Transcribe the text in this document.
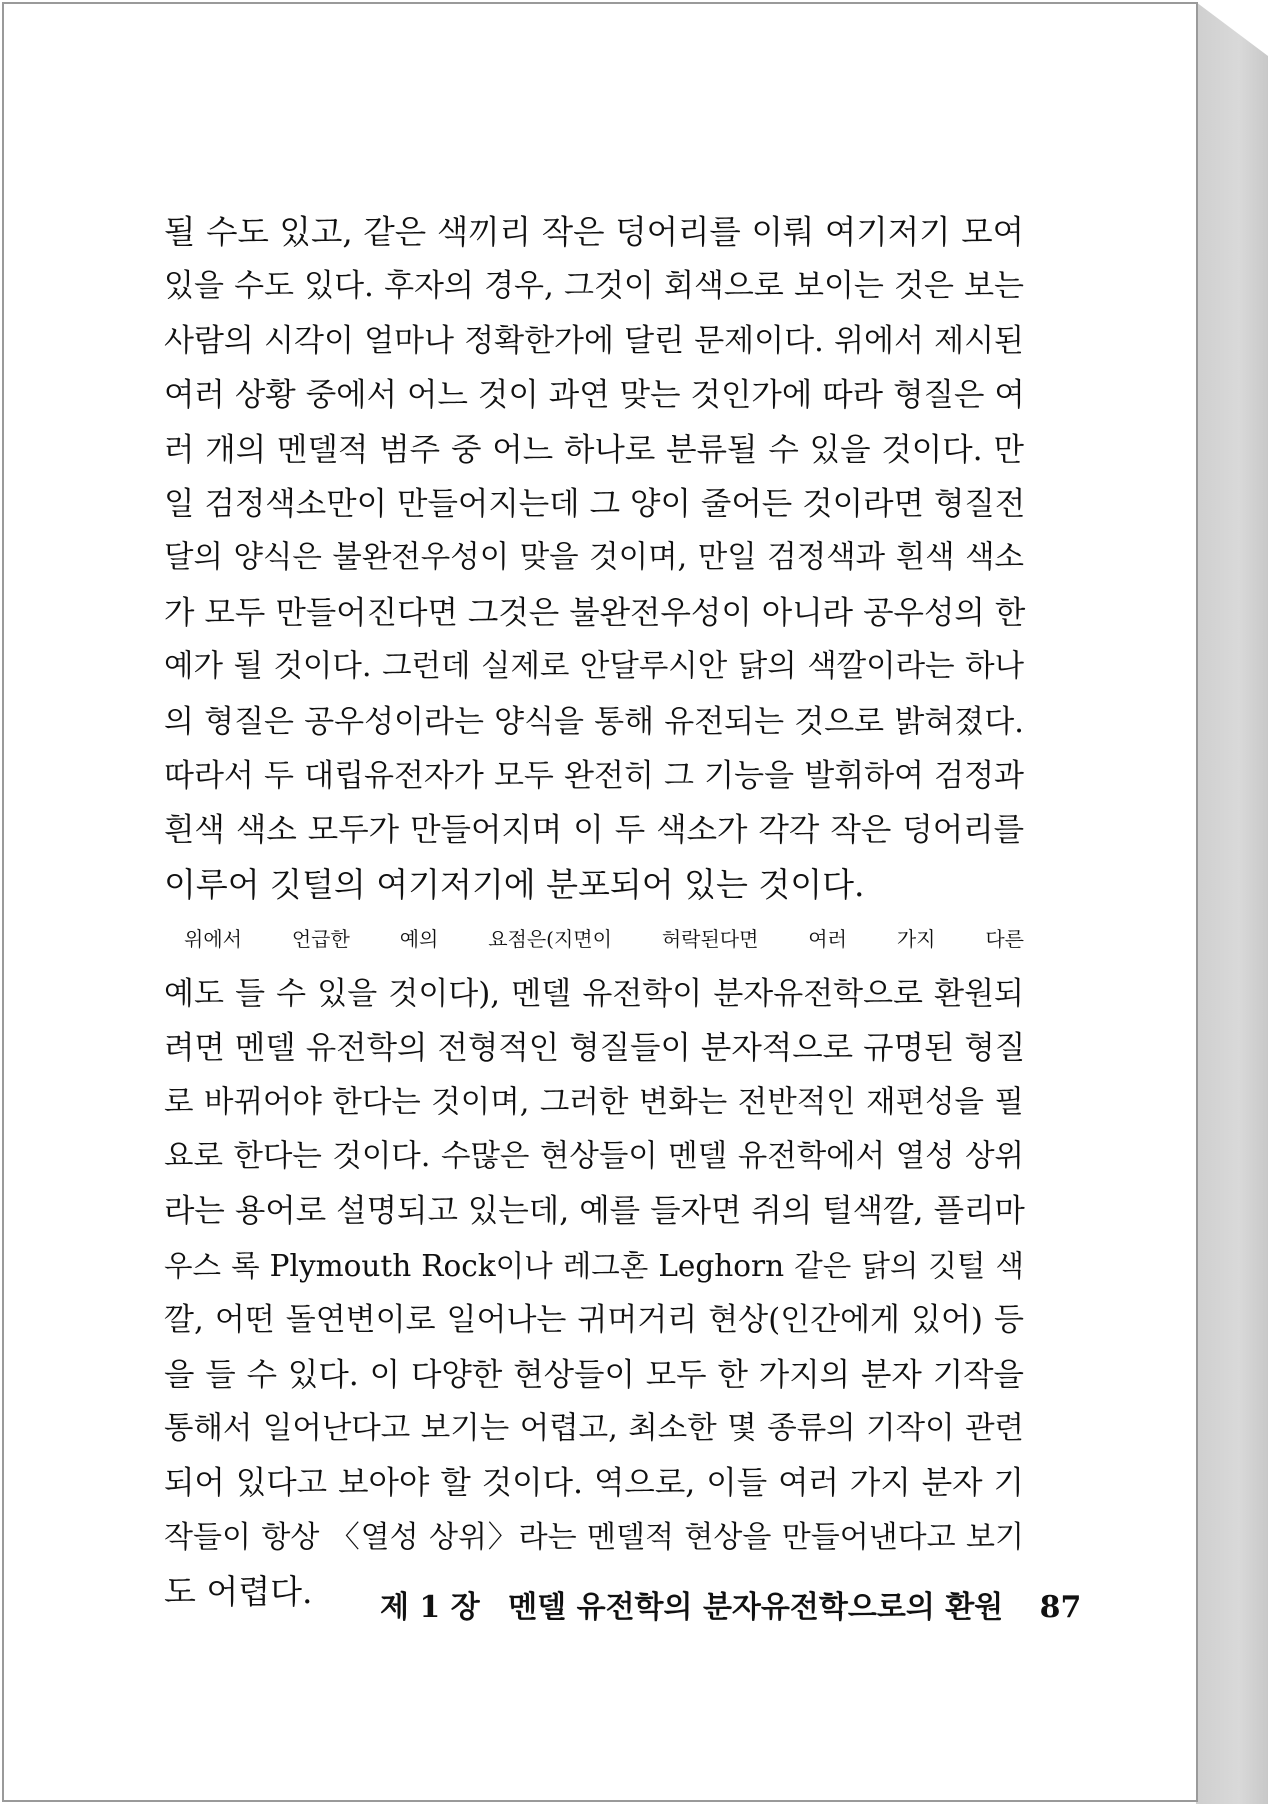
될 수도 있고, 같은 색끼리 작은 덩어리를 이뤄 여기저기 모여
있을 수도 있다. 후자의 경우, 그것이 회색으로 보이는 것은 보는
사람의 시각이 얼마나 정확한가에 달린 문제이다. 위에서 제시된
여러 상황 중에서 어느 것이 과연 맞는 것인가에 따라 형질은 여
러 개의 멘델적 범주 중 어느 하나로 분류될 수 있을 것이다. 만
일 검정색소만이 만들어지는데 그 양이 줄어든 것이라면 형질전
달의 양식은 불완전우성이 맞을 것이며, 만일 검정색과 흰색 색소
가 모두 만들어진다면 그것은 불완전우성이 아니라 공우성의 한
예가 될 것이다. 그런데 실제로 안달루시안 닭의 색깔이라는 하나
의 형질은 공우성이라는 양식을 통해 유전되는 것으로 밝혀졌다.
따라서 두 대립유전자가 모두 완전히 그 기능을 발휘하여 검정과
흰색 색소 모두가 만들어지며 이 두 색소가 각각 작은 덩어리를
이루어 깃털의 여기저기에 분포되어 있는 것이다.
위에서 언급한 예의 요점은(지면이 허락된다면 여러 가지 다른
예도 들 수 있을 것이다), 멘델 유전학이 분자유전학으로 환원되
려면 멘델 유전학의 전형적인 형질들이 분자적으로 규명된 형질
로 바뀌어야 한다는 것이며, 그러한 변화는 전반적인 재편성을 필
요로 한다는 것이다. 수많은 현상들이 멘델 유전학에서 열성 상위
라는 용어로 설명되고 있는데, 예를 들자면 쥐의 털색깔, 플리마
우스 록 Plymouth Rock이나 레그혼 Leghorn 같은 닭의 깃털 색
깔, 어떤 돌연변이로 일어나는 귀머거리 현상(인간에게 있어) 등
을 들 수 있다. 이 다양한 현상들이 모두 한 가지의 분자 기작을
통해서 일어난다고 보기는 어렵고, 최소한 몇 종류의 기작이 관련
되어 있다고 보아야 할 것이다. 역으로, 이들 여러 가지 분자 기
작들이 항상 〈열성 상위〉라는 멘델적 현상을 만들어낸다고 보기
도 어렵다.	제 1 장 멘델 유전학의 분자유전학으로의 환원 87
